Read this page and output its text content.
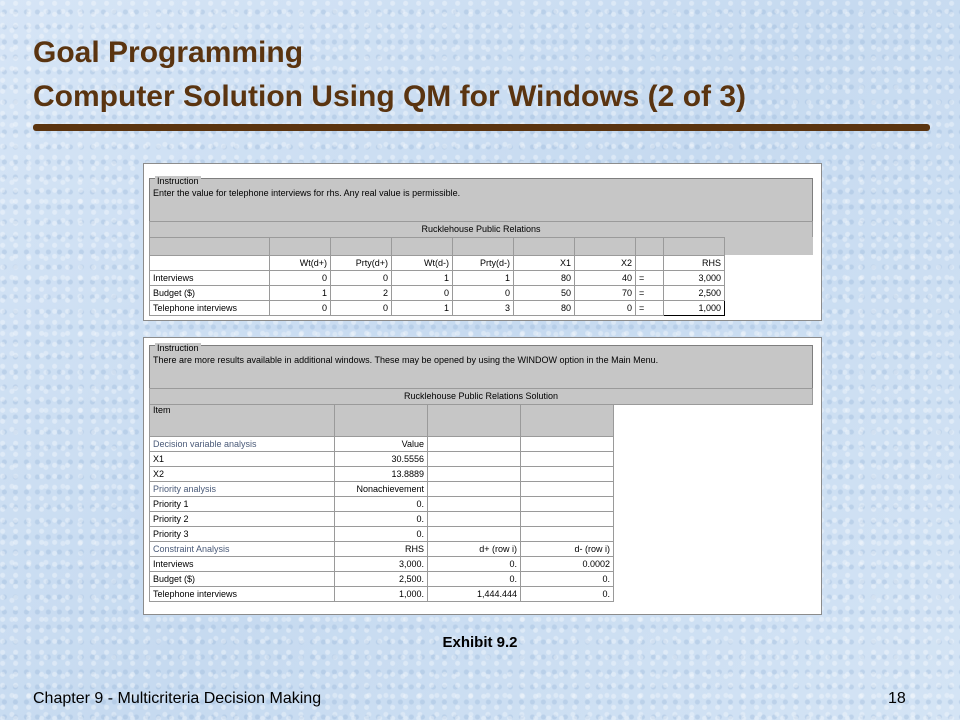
Goal Programming
Computer Solution Using QM for Windows (2 of 3)
Instruction
Enter the value for telephone interviews for rhs. Any real value is permissible.
Rucklehouse Public Relations

	Wt(d+)	Prty(d+)	Wt(d-)	Prty(d-)	X1	X2		RHS
Interviews	0	0	1	1	80	40	=	3,000
Budget ($)	1	2	0	0	50	70	=	2,500
Telephone interviews	0	0	1	3	80	0	=	1,000
Instruction
There are more results available in additional windows. These may be opened by using the WINDOW option in the Main Menu.
Rucklehouse Public Relations Solution
Item			
Decision variable analysis	Value		
X1	30.5556		
X2	13.8889		
Priority analysis	Nonachievement		
Priority 1	0.		
Priority 2	0.		
Priority 3	0.		
Constraint Analysis	RHS	d+ (row i)	d- (row i)
Interviews	3,000.	0.	0.0002
Budget ($)	2,500.	0.	0.
Telephone interviews	1,000.	1,444.444	0.
Exhibit 9.2
Chapter 9 - Multicriteria Decision Making	18
